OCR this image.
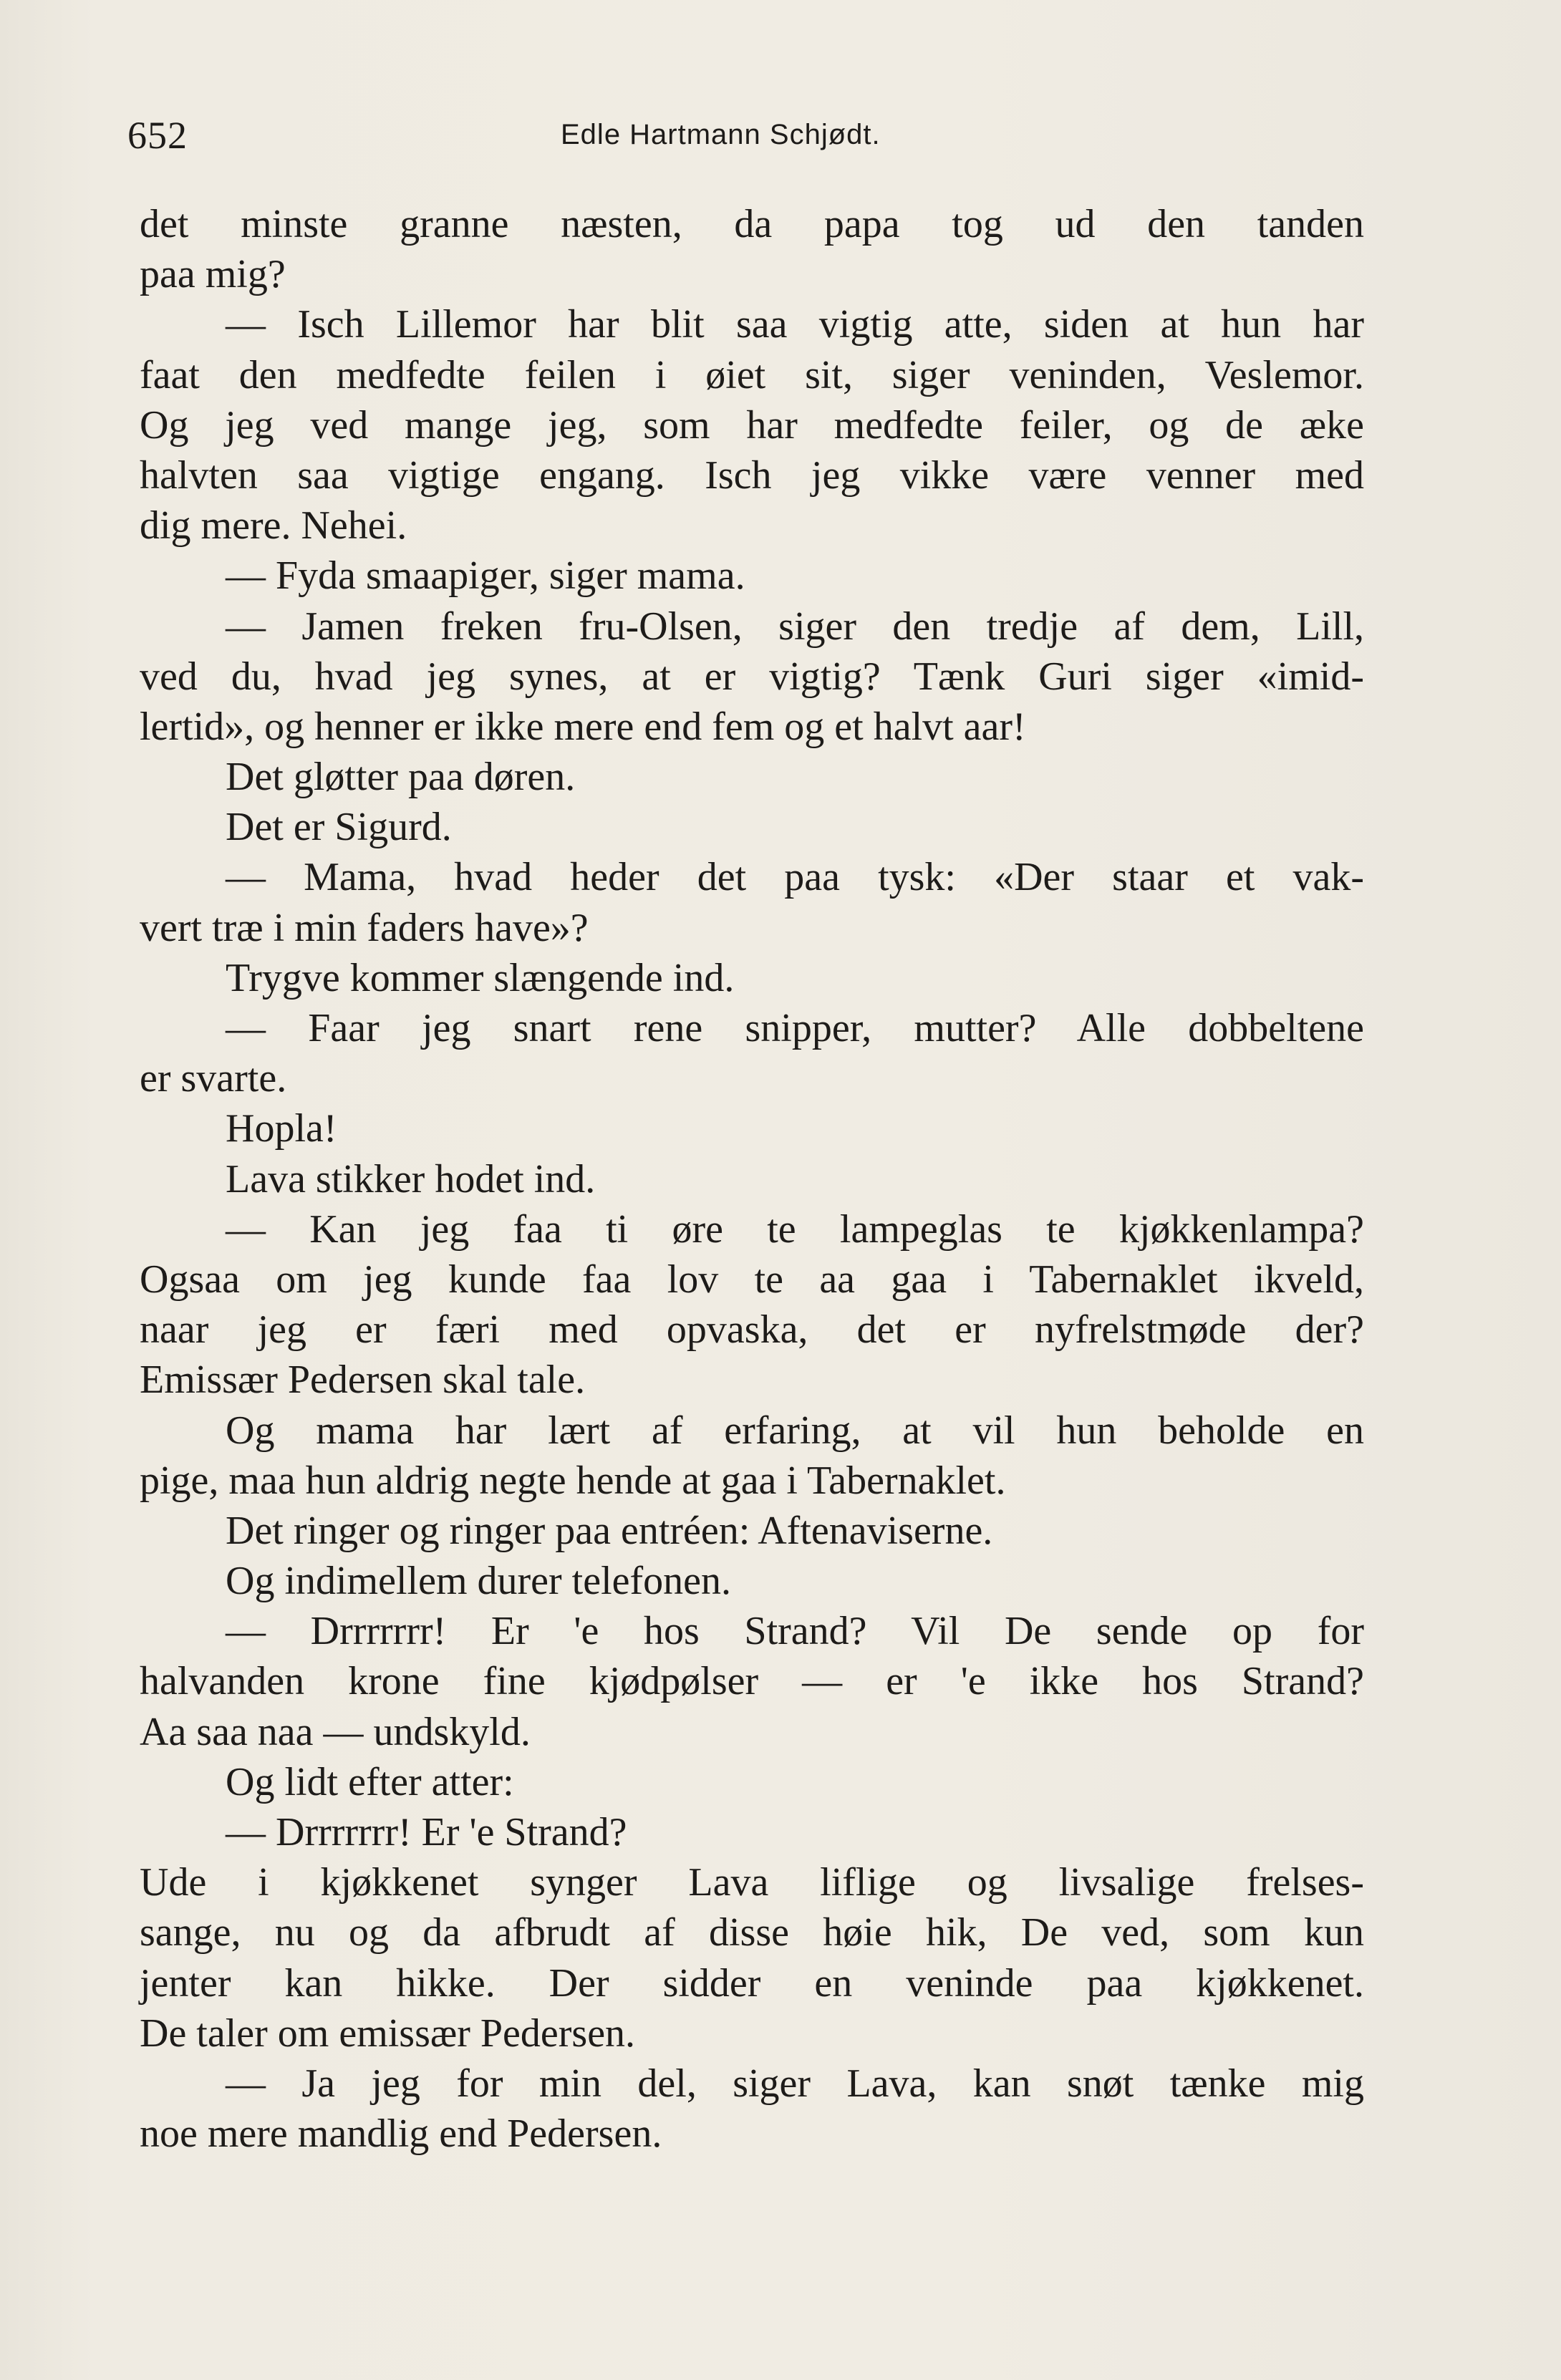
652	Edle Hartmann Schjødt.
det minste granne næsten, da papa tog ud den tanden
paa mig?
— Isch Lillemor har blit saa vigtig atte, siden at hun har
faat den medfedte feilen i øiet sit, siger veninden, Veslemor.
Og jeg ved mange jeg, som har medfedte feiler, og de æke
halvten saa vigtige engang. Isch jeg vikke være venner med
dig mere. Nehei.
— Fyda smaapiger, siger mama.
— Jamen freken fru-Olsen, siger den tredje af dem, Lill,
ved du, hvad jeg synes, at er vigtig? Tænk Guri siger «imid-
lertid», og henner er ikke mere end fem og et halvt aar!
Det gløtter paa døren.
Det er Sigurd.
— Mama, hvad heder det paa tysk: «Der staar et vak-
vert træ i min faders have»?
Trygve kommer slængende ind.
— Faar jeg snart rene snipper, mutter? Alle dobbeltene
er svarte.
Hopla!
Lava stikker hodet ind.
— Kan jeg faa ti øre te lampeglas te kjøkkenlampa?
Ogsaa om jeg kunde faa lov te aa gaa i Tabernaklet ikveld,
naar jeg er færi med opvaska, det er nyfrelstmøde der?
Emissær Pedersen skal tale.
Og mama har lært af erfaring, at vil hun beholde en
pige, maa hun aldrig negte hende at gaa i Tabernaklet.
Det ringer og ringer paa entréen: Aftenaviserne.
Og indimellem durer telefonen.
— Drrrrrrr! Er 'e hos Strand? Vil De sende op for
halvanden krone fine kjødpølser — er 'e ikke hos Strand?
Aa saa naa — undskyld.
Og lidt efter atter:
— Drrrrrrr! Er 'e Strand?
Ude i kjøkkenet synger Lava liflige og livsalige frelses-
sange, nu og da afbrudt af disse høie hik, De ved, som kun
jenter kan hikke. Der sidder en veninde paa kjøkkenet.
De taler om emissær Pedersen.
— Ja jeg for min del, siger Lava, kan snøt tænke mig
noe mere mandlig end Pedersen.
